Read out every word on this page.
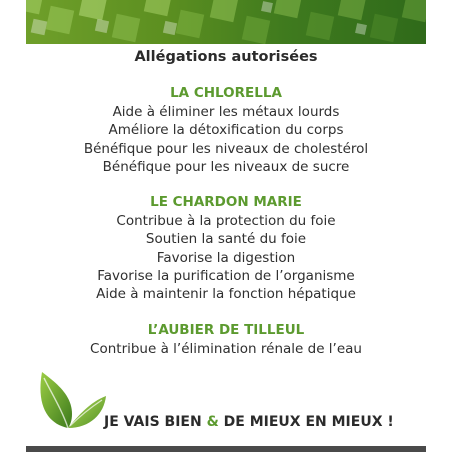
Allégations autorisées
LA CHLORELLA
Aide à éliminer les métaux lourds
Améliore la détoxification du corps
Bénéfique pour les niveaux de cholestérol
Bénéfique pour les niveaux de sucre
LE CHARDON MARIE
Contribue à la protection du foie
Soutien la santé du foie
Favorise la digestion
Favorise la purification de l’organisme
Aide à maintenir la fonction hépatique
L’AUBIER DE TILLEUL
Contribue à l’élimination rénale de l’eau
JE VAIS BIEN & DE MIEUX EN MIEUX !
